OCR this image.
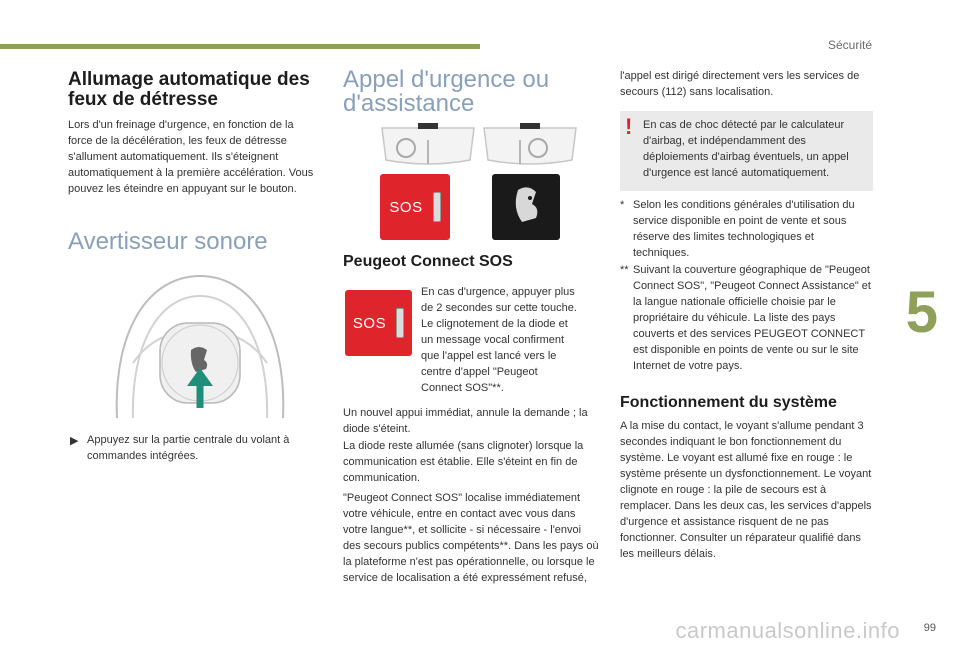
Sécurité
5
Allumage automatique des feux de détresse

Lors d'un freinage d'urgence, en fonction de la force de la décélération, les feux de détresse s'allument automatiquement. Ils s'éteignent automatiquement à la première accélération. Vous pouvez les éteindre en appuyant sur le bouton.

Avertisseur sonore
▶ Appuyez sur la partie centrale du volant à commandes intégrées.

Appel d'urgence ou d'assistance
SOS
Peugeot Connect SOS
SOS

En cas d'urgence, appuyer plus de 2 secondes sur cette touche. Le clignotement de la diode et un message vocal confirment que l'appel est lancé vers le centre d'appel "Peugeot Connect SOS"**.

Un nouvel appui immédiat, annule la demande ; la diode s'éteint.

La diode reste allumée (sans clignoter) lorsque la communication est établie. Elle s'éteint en fin de communication.

"Peugeot Connect SOS" localise immédiatement votre véhicule, entre en contact avec vous dans votre langue**, et sollicite - si nécessaire - l'envoi des secours publics compétents**. Dans les pays où la plateforme n'est pas opérationnelle, ou lorsque le service de localisation a été expressément refusé,

l'appel est dirigé directement vers les services de secours (112) sans localisation.

! En cas de choc détecté par le calculateur d'airbag, et indépendamment des déploiements d'airbag éventuels, un appel d'urgence est lancé automatiquement.

* Selon les conditions générales d'utilisation du service disponible en point de vente et sous réserve des limites technologiques et techniques.

** Suivant la couverture géographique de "Peugeot Connect SOS", "Peugeot Connect Assistance" et la langue nationale officielle choisie par le propriétaire du véhicule. La liste des pays couverts et des services PEUGEOT CONNECT est disponible en points de vente ou sur le site Internet de votre pays.

Fonctionnement du système

A la mise du contact, le voyant s'allume pendant 3 secondes indiquant le bon fonctionnement du système. Le voyant est allumé fixe en rouge : le système présente un dysfonctionnement. Le voyant clignote en rouge : la pile de secours est à remplacer. Dans les deux cas, les services d'appels d'urgence et assistance risquent de ne pas fonctionner. Consulter un réparateur qualifié dans les meilleurs délais.

carmanualsonline.info 99
